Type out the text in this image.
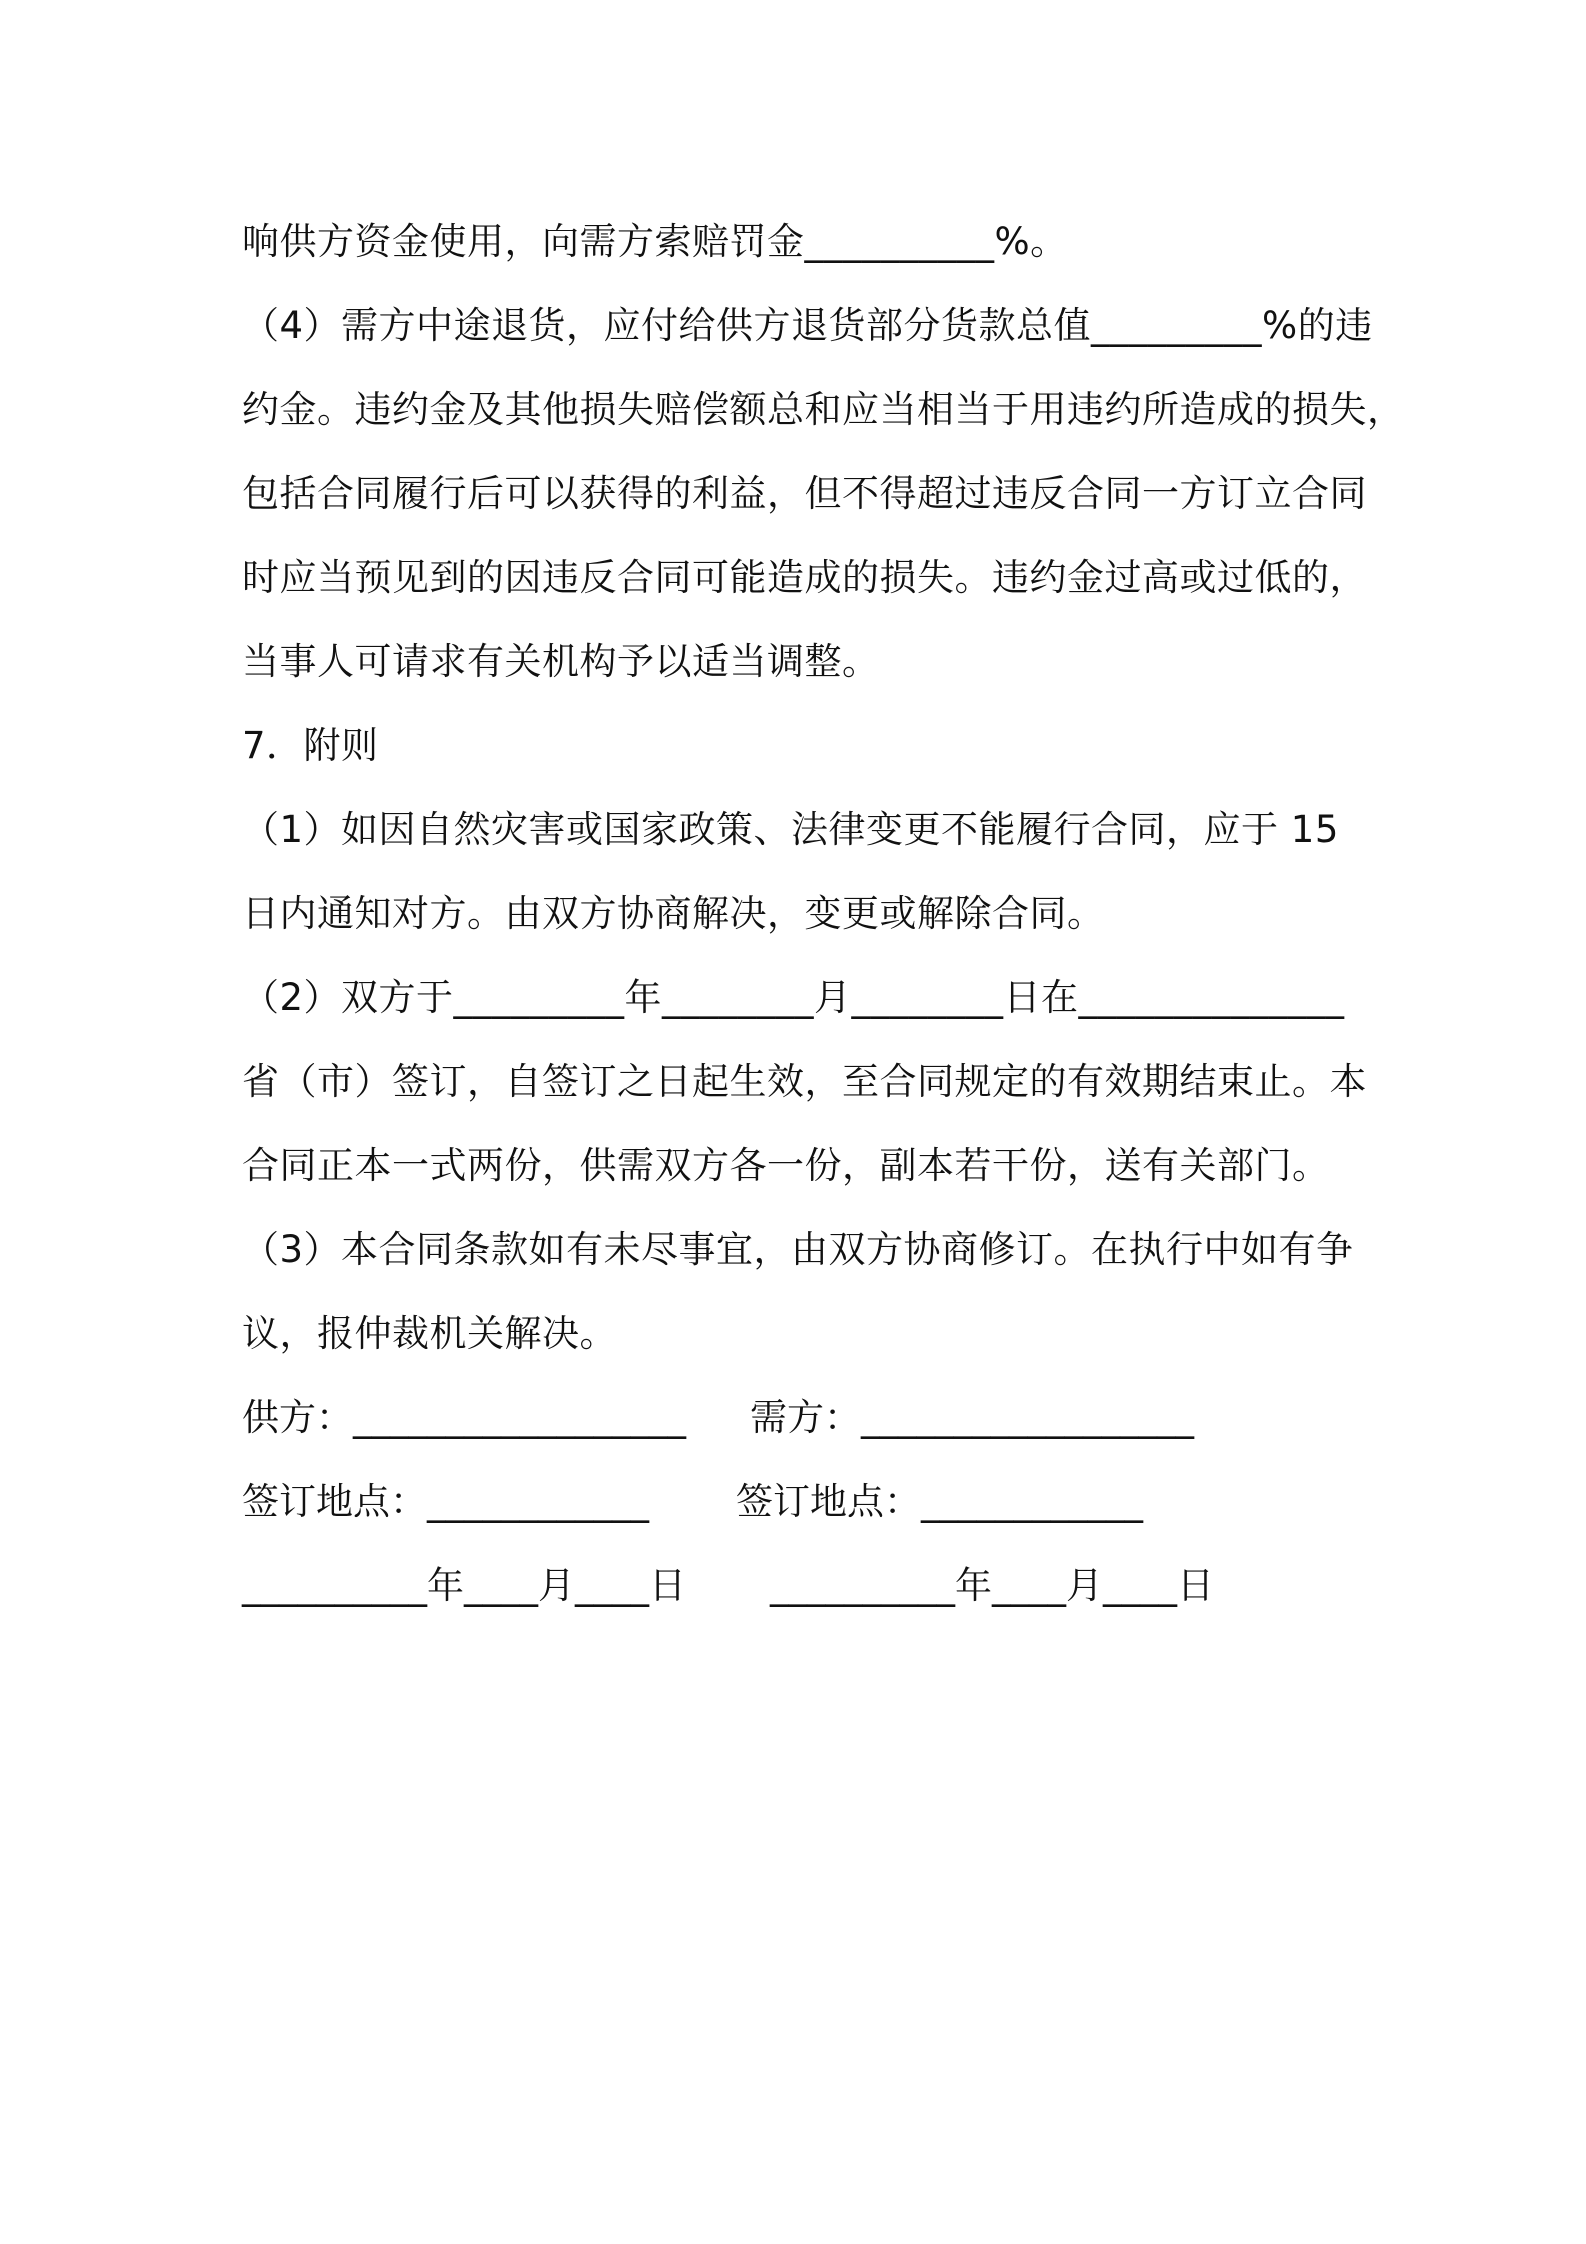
响供方资金使用，向需方索赔罚金__________%。
（4）需方中途退货，应付给供方退货部分货款总值_________%的违
约金。违约金及其他损失赔偿额总和应当相当于用违约所造成的损失，
包括合同履行后可以获得的利益，但不得超过违反合同一方订立合同
时应当预见到的因违反合同可能造成的损失。违约金过高或过低的，
当事人可请求有关机构予以适当调整。
7．附则
（1）如因自然灾害或国家政策、法律变更不能履行合同，应于 15
日内通知对方。由双方协商解决，变更或解除合同。
（2）双方于_________年________月________日在______________
省（市）签订，自签订之日起生效，至合同规定的有效期结束止。本
合同正本一式两份，供需双方各一份，副本若干份，送有关部门。
（3）本合同条款如有未尽事宜，由双方协商修订。在执行中如有争
议，报仲裁机关解决。
供方：__________________ 需方：__________________
签订地点：____________ 签订地点：____________
__________年____月____日 __________年____月____日
